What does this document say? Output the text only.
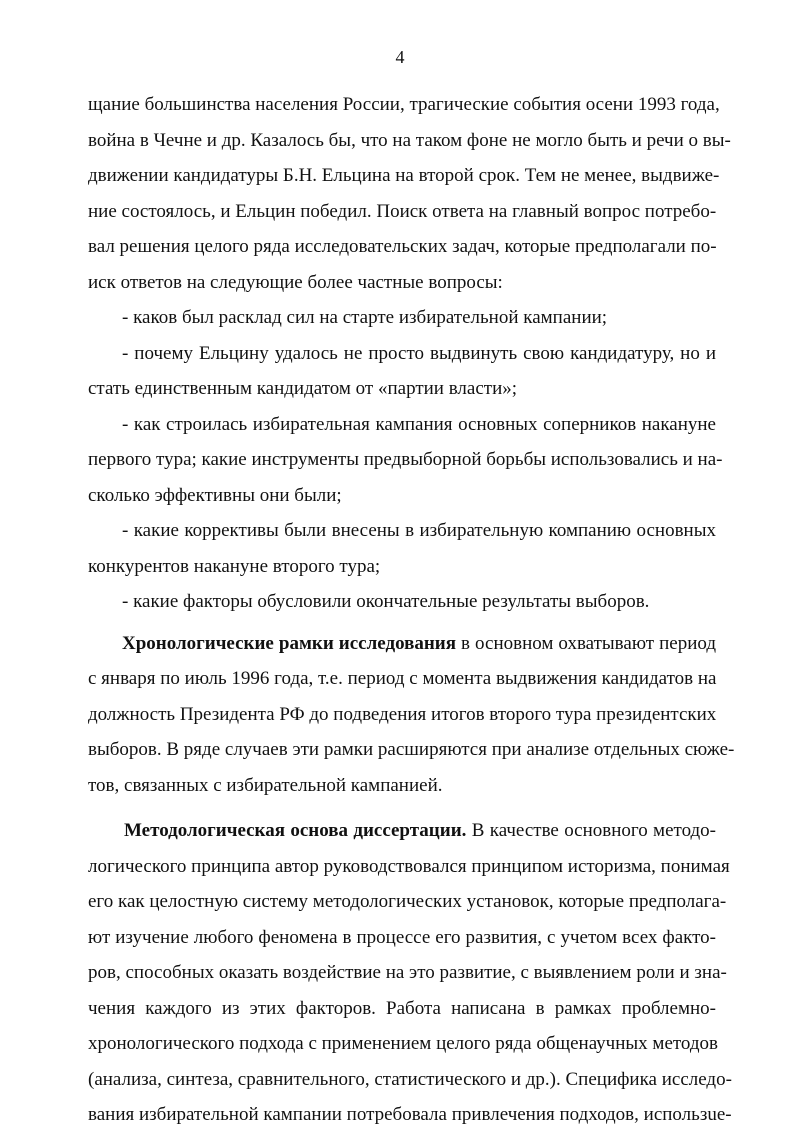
4
щание большинства населения России, трагические события осени 1993 года,
война в Чечне и др. Казалось бы, что на таком фоне не могло быть и речи о вы-
движении кандидатуры Б.Н. Ельцина на второй срок. Тем не менее, выдвиже-
ние состоялось, и Ельцин победил. Поиск ответа на главный вопрос потребо-
вал решения целого ряда исследовательских задач, которые предполагали по-
иск ответов на следующие более частные вопросы:
- каков был расклад сил на старте избирательной кампании;
- почему Ельцину удалось не просто выдвинуть свою кандидатуру, но и
стать единственным кандидатом от «партии власти»;
- как строилась избирательная кампания основных соперников накануне
первого тура; какие инструменты предвыборной борьбы использовались и на-
сколько эффективны они были;
- какие коррективы были внесены в избирательную компанию основных
конкурентов накануне второго тура;
- какие факторы обусловили окончательные результаты выборов.
Хронологические рамки исследования в основном охватывают период
с января по июль 1996 года, т.е. период с момента выдвижения кандидатов на
должность Президента РФ до подведения итогов второго тура президентских
выборов. В ряде случаев эти рамки расширяются при анализе отдельных сюже-
тов, связанных с избирательной кампанией.
Методологическая основа диссертации. В качестве основного методо-
логического принципа автор руководствовался принципом историзма, понимая
его как целостную систему методологических установок, которые предполага-
ют изучение любого феномена в процессе его развития, с учетом всех факто-
ров, способных оказать воздействие на это развитие, с выявлением роли и зна-
чения каждого из этих факторов. Работа написана в рамках проблемно-
хронологического подхода с применением целого ряда общенаучных методов
(анализа, синтеза, сравнительного, статистического и др.). Специфика исследо-
вания избирательной кампании потребовала привлечения подходов, использue-
